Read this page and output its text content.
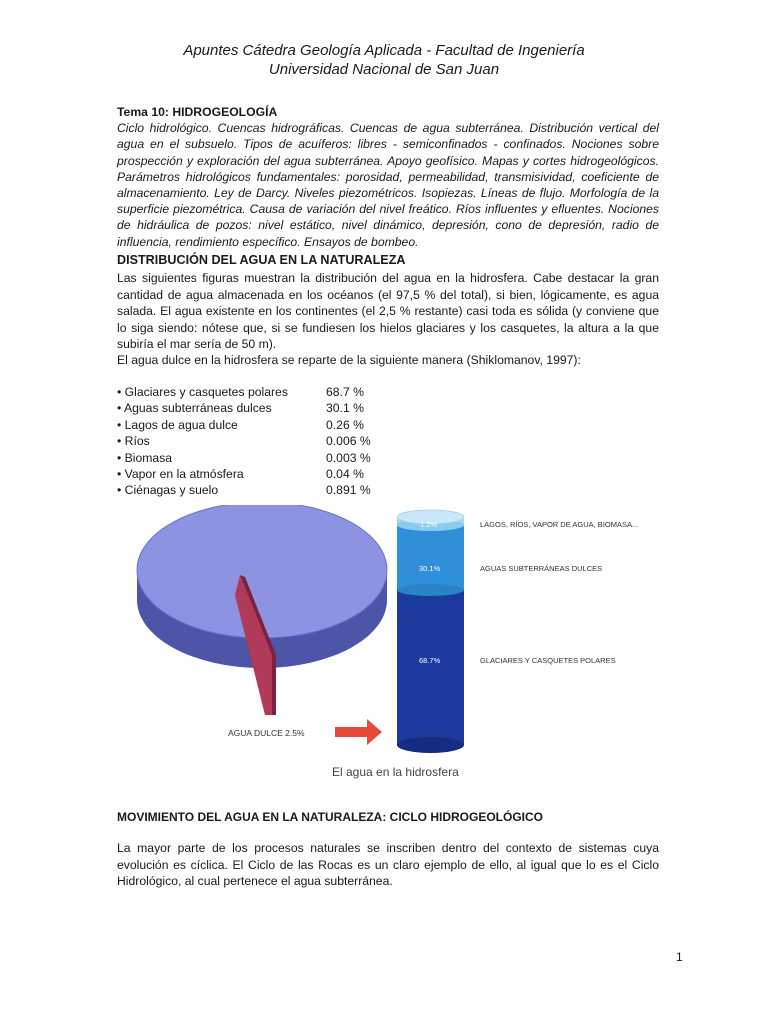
Apuntes Cátedra Geología Aplicada - Facultad de Ingeniería
Universidad Nacional de San Juan
Tema 10: HIDROGEOLOGÍA
Ciclo hidrológico. Cuencas hidrográficas. Cuencas de agua subterránea. Distribución vertical del agua en el subsuelo. Tipos de acuíferos: libres - semiconfinados - confinados. Nociones sobre prospección y exploración del agua subterránea. Apoyo geofísico. Mapas y cortes hidrogeológicos. Parámetros hidrológicos fundamentales: porosidad, permeabilidad, transmisividad, coeficiente de almacenamiento. Ley de Darcy. Niveles piezométricos. Isopiezas. Líneas de flujo. Morfología de la superficie piezométrica. Causa de variación del nivel freático. Ríos influentes y efluentes. Nociones de hidráulica de pozos: nivel estático, nivel dinámico, depresión, cono de depresión, radio de influencia, rendimiento específico. Ensayos de bombeo.
DISTRIBUCIÓN DEL AGUA EN LA NATURALEZA
Las siguientes figuras muestran la distribución del agua en la hidrosfera. Cabe destacar la gran cantidad de agua almacenada en los océanos (el 97,5 % del total), si bien, lógicamente, es agua salada. El agua existente en los continentes (el 2,5 % restante) casi toda es sólida (y conviene que lo siga siendo: nótese que, si se fundiesen los hielos glaciares y los casquetes, la altura a la que subiría el mar sería de 50 m).
El agua dulce en la hidrosfera se reparte de la siguiente manera (Shiklomanov, 1997):
• Glaciares y casquetes polares	68.7 %
• Aguas subterráneas dulces	30.1 %
• Lagos de agua dulce	0.26 %
• Ríos	0.006 %
• Biomasa	0.003 %
• Vapor en la atmósfera	0.04 %
• Ciénagas y suelo	0.891 %
AGUA DULCE 2.5%
1.2%
30.1%
68.7%
LAGOS, RÍOS, VAPOR DE AGUA, BIOMASA...
AGUAS SUBTERRÁNEAS DULCES
GLACIARES Y CASQUETES POLARES
El agua en la hidrosfera
MOVIMIENTO DEL AGUA EN LA NATURALEZA: CICLO HIDROGEOLÓGICO
La mayor parte de los procesos naturales se inscriben dentro del contexto de sistemas cuya evolución es cíclica. El Ciclo de las Rocas es un claro ejemplo de ello, al igual que lo es el Ciclo Hidrológico, al cual pertenece el agua subterránea.
1
